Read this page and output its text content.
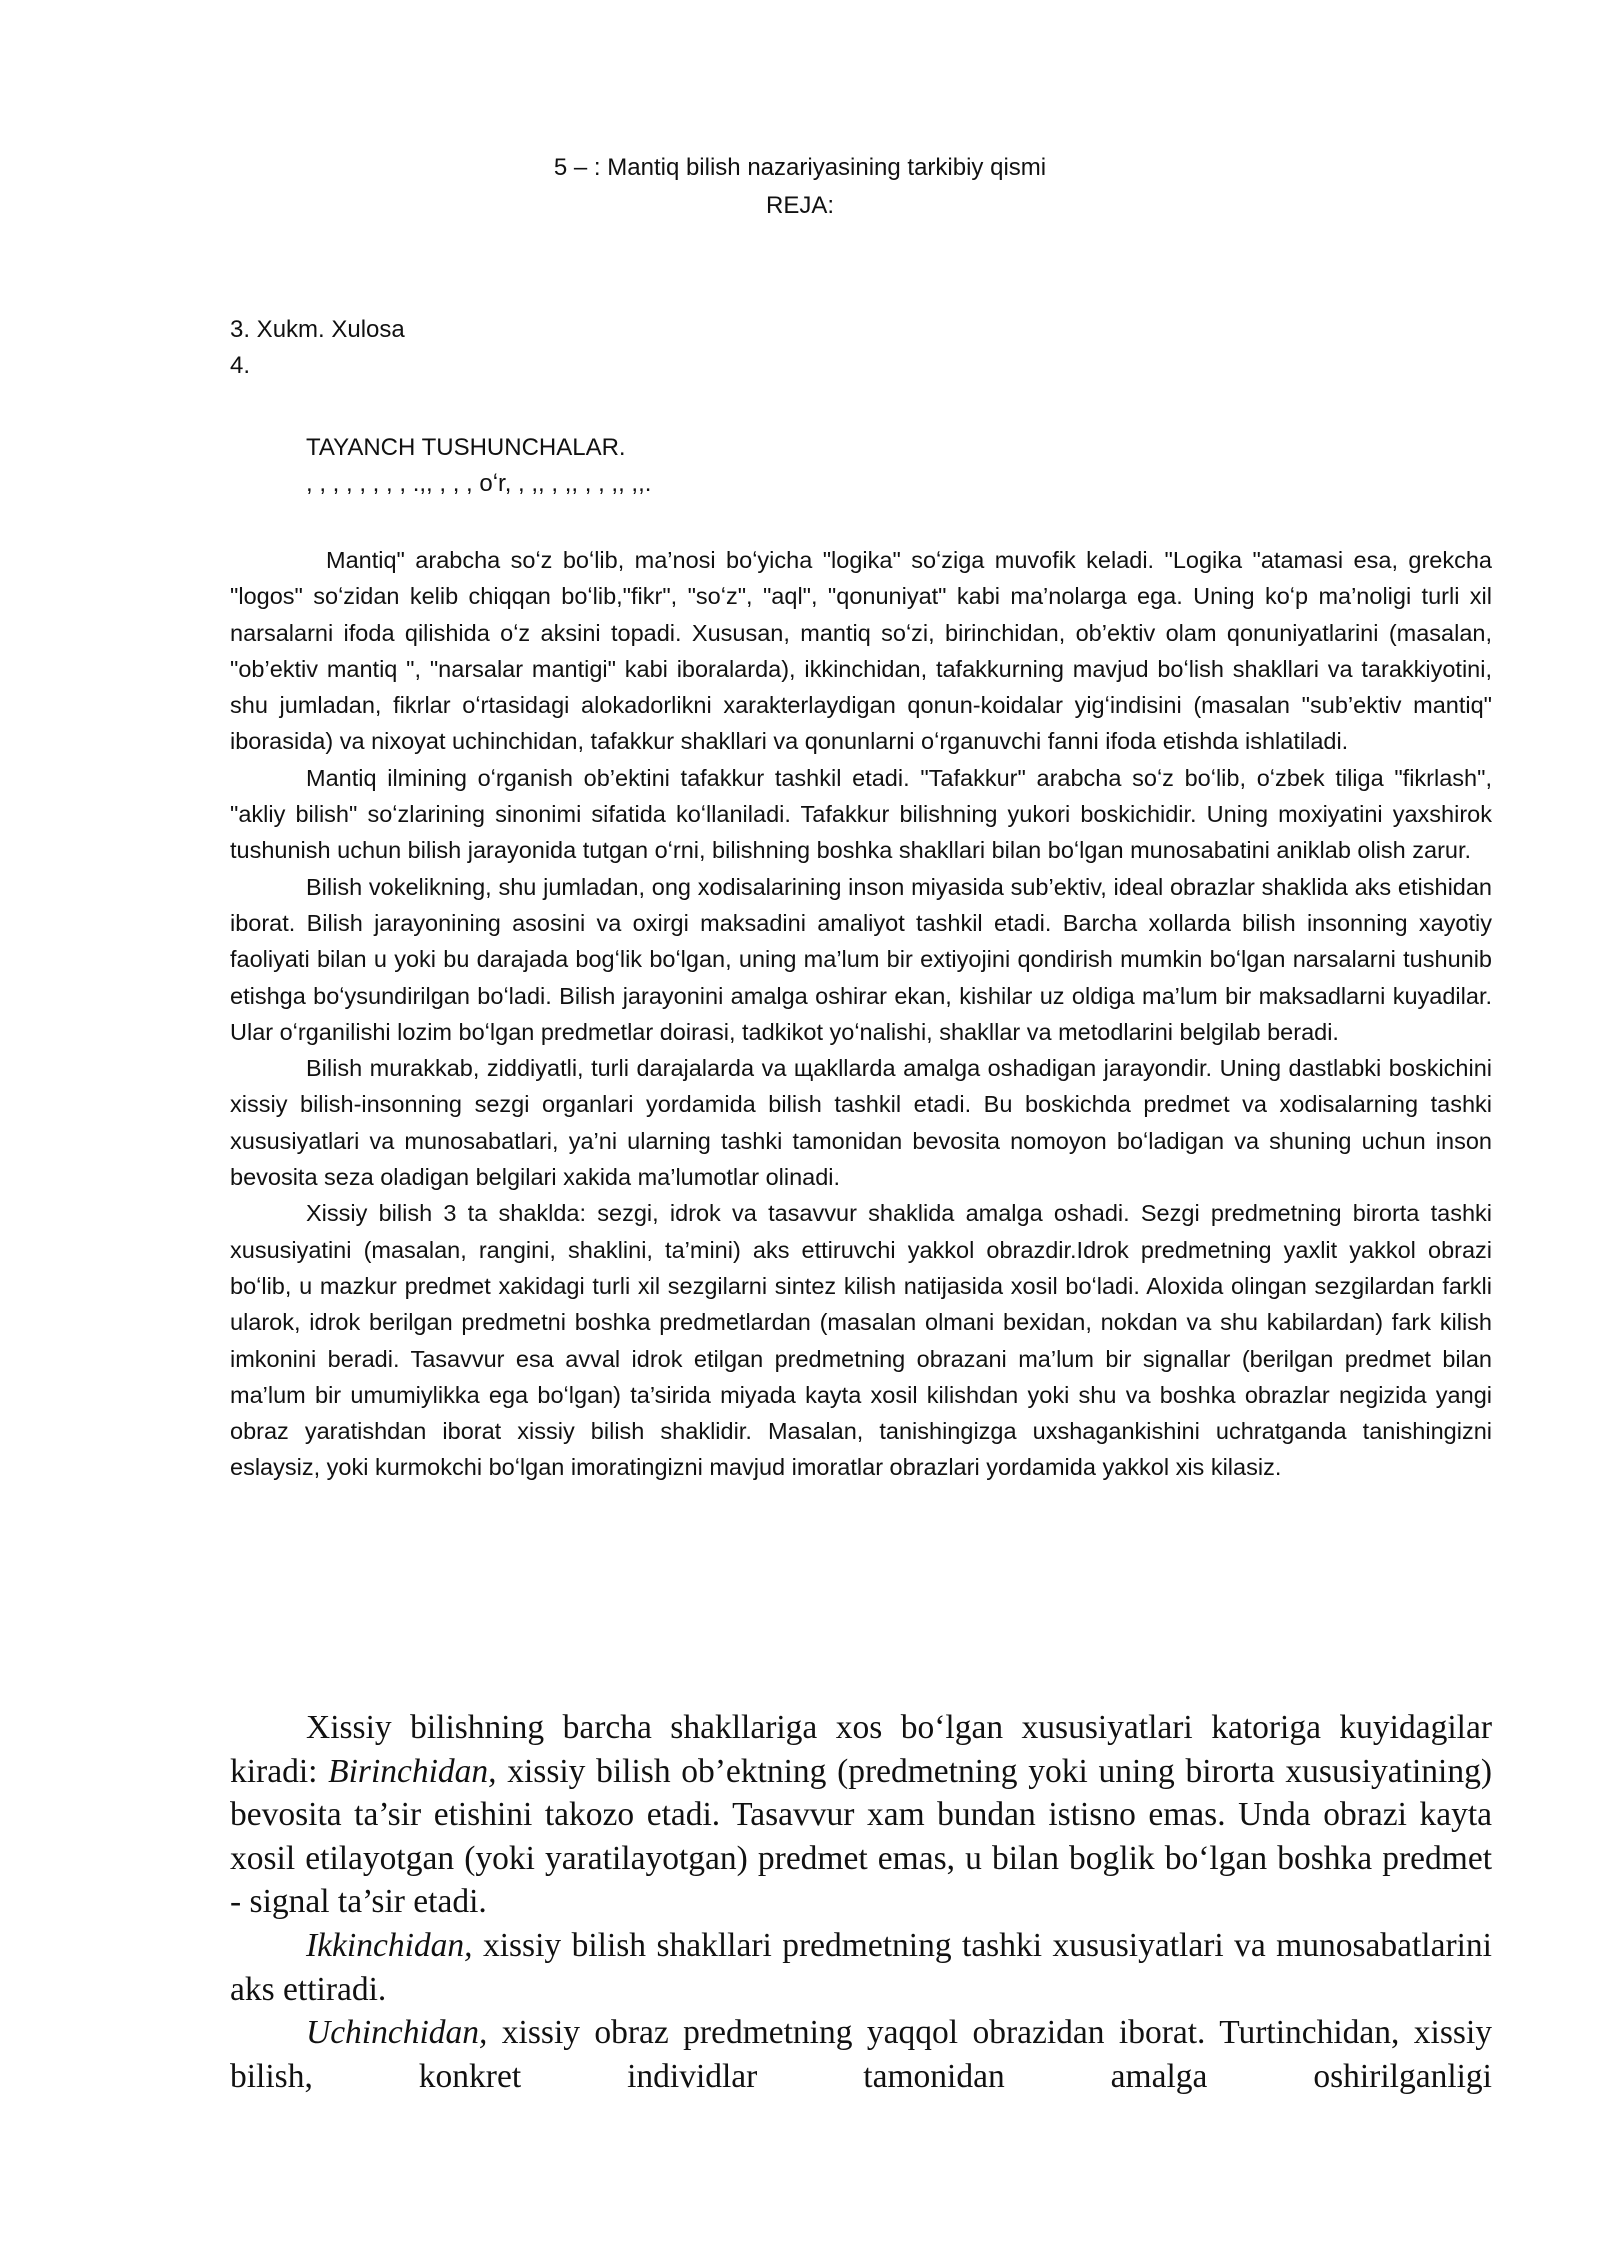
5 – : Mantiq bilish nazariyasining tarkibiy qismi
REJA:
3. Xukm. Xulosa
4.
TAYANCH TUSHUNCHALAR.
, , , , , , , , .,, , , , oʻr, , ,, , ,, , , ,, ,,.

Mantiq" arabcha soʻz boʻlib, ma’nosi boʻyicha "logika" soʻziga muvofik keladi. "Logika "atamasi esa, grekcha "logos" soʻzidan kelib chiqqan boʻlib,"fikr", "soʻz", "aql", "qonuniyat" kabi ma’nolarga ega. Uning koʻp ma’noligi turli xil narsalarni ifoda qilishida oʻz aksini topadi. Xususan, mantiq soʻzi, birinchidan, ob’ektiv olam qonuniyatlarini (masalan, "ob’ektiv mantiq ", "narsalar mantigi" kabi iboralarda), ikkinchidan, tafakkurning mavjud boʻlish shakllari va tarakkiyotini, shu jumladan, fikrlar oʻrtasidagi alokadorlikni xarakterlaydigan qonun-koidalar yigʻindisini (masalan "sub’ektiv mantiq" iborasida) va nixoyat uchinchidan, tafakkur shakllari va qonunlarni oʻrganuvchi fanni ifoda etishda ishlatiladi.

Mantiq ilmining oʻrganish ob’ektini tafakkur tashkil etadi. "Tafakkur" arabcha soʻz boʻlib, oʻzbek tiliga "fikrlash", "akliy bilish" soʻzlarining sinonimi sifatida koʻllaniladi. Tafakkur bilishning yukori boskichidir. Uning moxiyatini yaxshirok tushunish uchun bilish jarayonida tutgan oʻrni, bilishning boshka shakllari bilan boʻlgan munosabatini aniklab olish zarur.

Bilish vokelikning, shu jumladan, ong xodisalarining inson miyasida sub’ektiv, ideal obrazlar shaklida aks etishidan iborat. Bilish jarayonining asosini va oxirgi maksadini amaliyot tashkil etadi. Barcha xollarda bilish insonning xayotiy faoliyati bilan u yoki bu darajada bogʻlik boʻlgan, uning ma’lum bir extiyojini qondirish mumkin boʻlgan narsalarni tushunib etishga boʻysundirilgan boʻladi. Bilish jarayonini amalga oshirar ekan, kishilar uz oldiga ma’lum bir maksadlarni kuyadilar. Ular oʻrganilishi lozim boʻlgan predmetlar doirasi, tadkikot yoʻnalishi, shakllar va metodlarini belgilab beradi.

Bilish murakkab, ziddiyatli, turli darajalarda va щakllarda amalga oshadigan jarayondir. Uning dastlabki boskichini xissiy bilish-insonning sezgi organlari yordamida bilish tashkil etadi. Bu boskichda predmet va xodisalarning tashki xususiyatlari va munosabatlari, ya’ni ularning tashki tamonidan bevosita nomoyon boʻladigan va shuning uchun inson bevosita seza oladigan belgilari xakida ma’lumotlar olinadi.

Xissiy bilish 3 ta shaklda: sezgi, idrok va tasavvur shaklida amalga oshadi. Sezgi predmetning birorta tashki xususiyatini (masalan, rangini, shaklini, ta’mini) aks ettiruvchi yakkol obrazdir.Idrok predmetning yaxlit yakkol obrazi boʻlib, u mazkur predmet xakidagi turli xil sezgilarni sintez kilish natijasida xosil boʻladi. Aloxida olingan sezgilardan farkli ularok, idrok berilgan predmetni boshka predmetlardan (masalan olmani bexidan, nokdan va shu kabilardan) fark kilish imkonini beradi. Tasavvur esa avval idrok etilgan predmetning obrazani ma’lum bir signallar (berilgan predmet bilan ma’lum bir umumiylikka ega boʻlgan) ta’sirida miyada kayta xosil kilishdan yoki shu va boshka obrazlar negizida yangi obraz yaratishdan iborat xissiy bilish shaklidir. Masalan, tanishingizga uxshagankishini uchratganda tanishingizni eslaysiz, yoki kurmokchi boʻlgan imoratingizni mavjud imoratlar obrazlari yordamida yakkol xis kilasiz.

Xissiy bilishning barcha shakllariga xos boʻlgan xususiyatlari katoriga kuyidagilar kiradi: Birinchidan, xissiy bilish ob’ektning (predmetning yoki uning birorta xususiyatining) bevosita ta’sir etishini takozo etadi. Tasavvur xam bundan istisno emas. Unda obrazi kayta xosil etilayotgan (yoki yaratilayotgan) predmet emas, u bilan boglik boʻlgan boshka predmet - signal ta’sir etadi.

Ikkinchidan, xissiy bilish shakllari predmetning tashki xususiyatlari va munosabatlarini aks ettiradi.

Uchinchidan, xissiy obraz predmetning yaqqol obrazidan iborat. Turtinchidan, xissiy bilish, konkret individlar tamonidan amalga oshirilganligi
